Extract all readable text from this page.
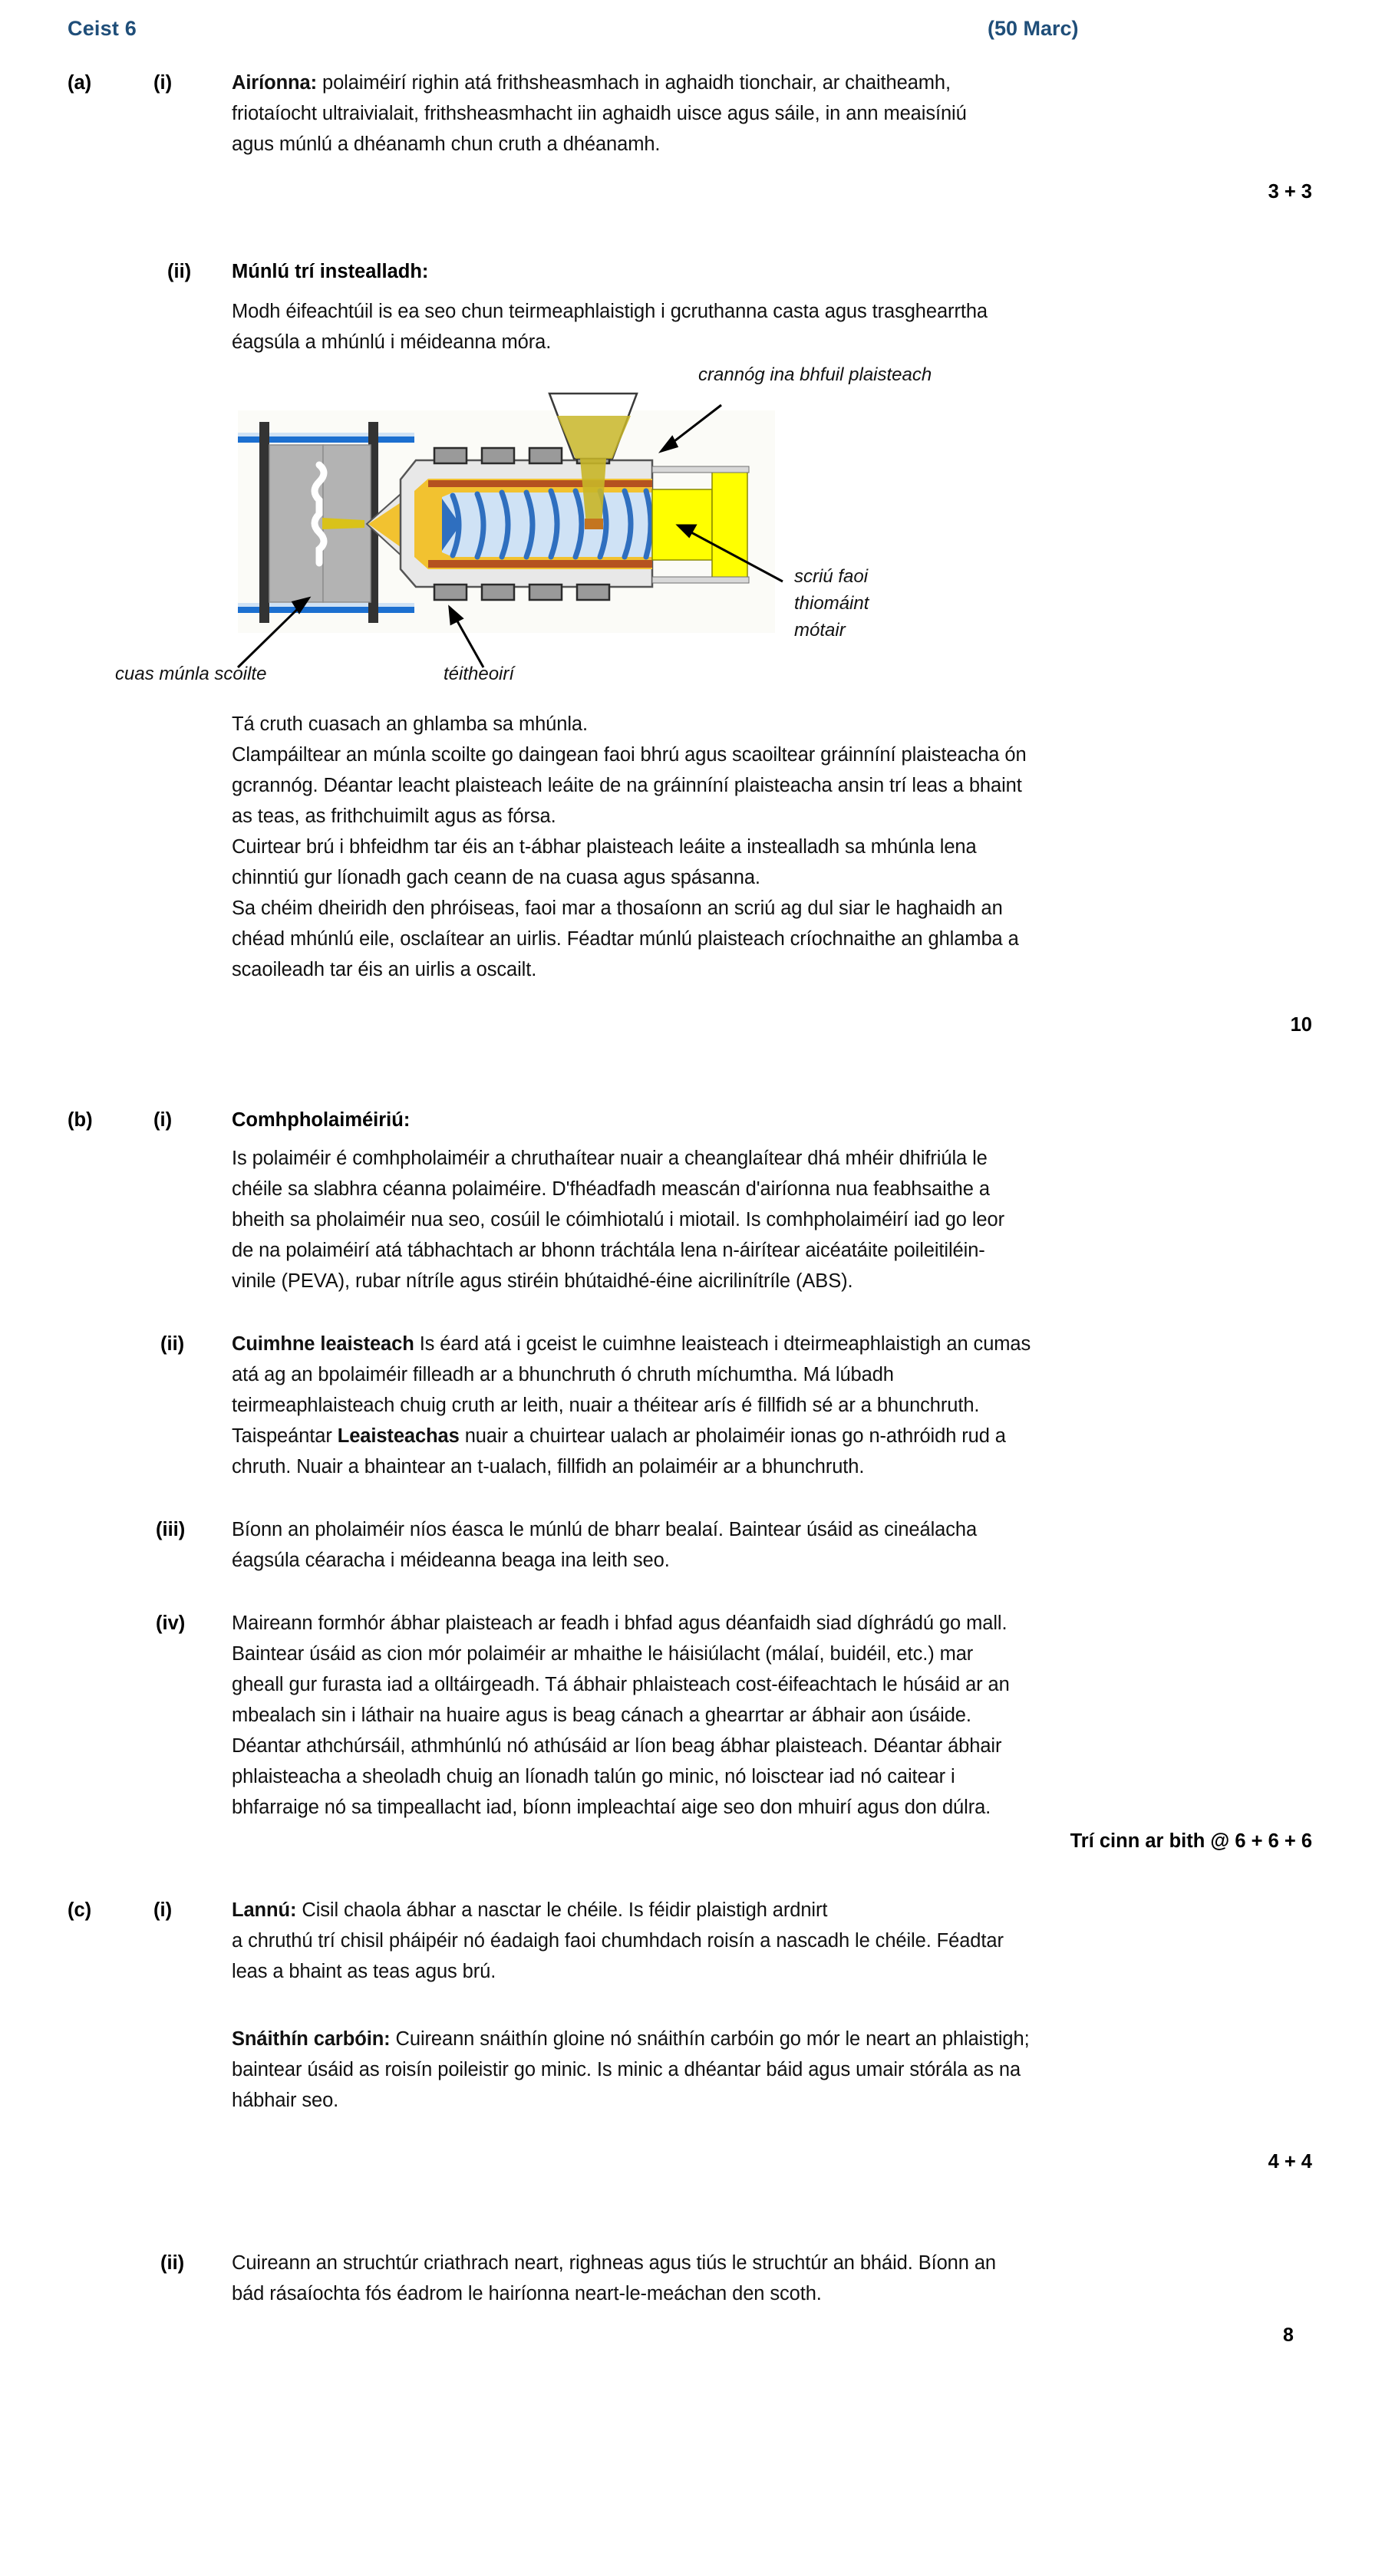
Ceist 6	(50 Marc)
(a)	(i)	Airíonna: polaiméirí righin atá frithsheasmhach in aghaidh tionchair, ar chaitheamh,
friotaíocht ultraivialait, frithsheasmhacht iin aghaidh uisce agus sáile, in ann meaisíniú
agus múnlú a dhéanamh chun cruth a dhéanamh.
3 + 3
(ii) Múnlú trí instealladh:
Modh éifeachtúil is ea seo chun teirmeaphlaistigh i gcruthanna casta agus trasghearrtha
éagsúla a mhúnlú i méideanna móra.
crannóg ina bhfuil plaisteach
scriú faoi
thiomáint
mótair
cuas múnla scoilte	téitheoirí
Tá cruth cuasach an ghlamba sa mhúnla.
Clampáiltear an múnla scoilte go daingean faoi bhrú agus scaoiltear gráinníní plaisteacha ón
gcrannóg. Déantar leacht plaisteach leáite de na gráinníní plaisteacha ansin trí leas a bhaint
as teas, as frithchuimilt agus as fórsa.
Cuirtear brú i bhfeidhm tar éis an t-ábhar plaisteach leáite a instealladh sa mhúnla lena
chinntiú gur líonadh gach ceann de na cuasa agus spásanna.
Sa chéim dheiridh den phróiseas, faoi mar a thosaíonn an scriú ag dul siar le haghaidh an
chéad mhúnlú eile, osclaítear an uirlis. Féadtar múnlú plaisteach críochnaithe an ghlamba a
scaoileadh tar éis an uirlis a oscailt.
10
(b)	(i)	Comhpholaiméiriú:
Is polaiméir é comhpholaiméir a chruthaítear nuair a cheanglaítear dhá mhéir dhifriúla le
chéile sa slabhra céanna polaiméire. D'fhéadfadh meascán d'airíonna nua feabhsaithe a
bheith sa pholaiméir nua seo, cosúil le cóimhiotalú i miotail. Is comhpholaiméirí iad go leor
de na polaiméirí atá tábhachtach ar bhonn tráchtála lena n-áirítear aicéatáite poileitiléin-
vinile (PEVA), rubar nítríle agus stiréin bhútaidhé-éine aicrilinítríle (ABS).
(ii) Cuimhne leaisteach Is éard atá i gceist le cuimhne leaisteach i dteirmeaphlaistigh an cumas
atá ag an bpolaiméir filleadh ar a bhunchruth ó chruth míchumtha. Má lúbadh
teirmeaphlaisteach chuig cruth ar leith, nuair a théitear arís é fillfidh sé ar a bhunchruth.
Taispeántar Leaisteachas nuair a chuirtear ualach ar pholaiméir ionas go n-athróidh rud a
chruth. Nuair a bhaintear an t-ualach, fillfidh an polaiméir ar a bhunchruth.
(iii) Bíonn an pholaiméir níos éasca le múnlú de bharr bealaí. Baintear úsáid as cineálacha
éagsúla céaracha i méideanna beaga ina leith seo.
(iv) Maireann formhór ábhar plaisteach ar feadh i bhfad agus déanfaidh siad díghrádú go mall.
Baintear úsáid as cion mór polaiméir ar mhaithe le háisiúlacht (málaí, buidéil, etc.) mar
gheall gur furasta iad a olltáirgeadh. Tá ábhair phlaisteach cost-éifeachtach le húsáid ar an
mbealach sin i láthair na huaire agus is beag cánach a ghearrtar ar ábhair aon úsáide.
Déantar athchúrsáil, athmhúnlú nó athúsáid ar líon beag ábhar plaisteach. Déantar ábhair
phlaisteacha a sheoladh chuig an líonadh talún go minic, nó loisctear iad nó caitear i
bhfarraige nó sa timpeallacht iad, bíonn impleachtaí aige seo don mhuirí agus don dúlra.
Trí cinn ar bith @ 6 + 6 + 6
(c)	(i)	Lannú: Cisil chaola ábhar a nasctar le chéile. Is féidir plaistigh ardnirt
a chruthú trí chisil pháipéir nó éadaigh faoi chumhdach roisín a nascadh le chéile. Féadtar
leas a bhaint as teas agus brú.
Snáithín carbóin: Cuireann snáithín gloine nó snáithín carbóin go mór le neart an phlaistigh;
baintear úsáid as roisín poileistir go minic. Is minic a dhéantar báid agus umair stórála as na
hábhair seo.
4 + 4
(ii) Cuireann an struchtúr criathrach neart, righneas agus tiús le struchtúr an bháid. Bíonn an
bád rásaíochta fós éadrom le hairíonna neart-le-meáchan den scoth.
8
